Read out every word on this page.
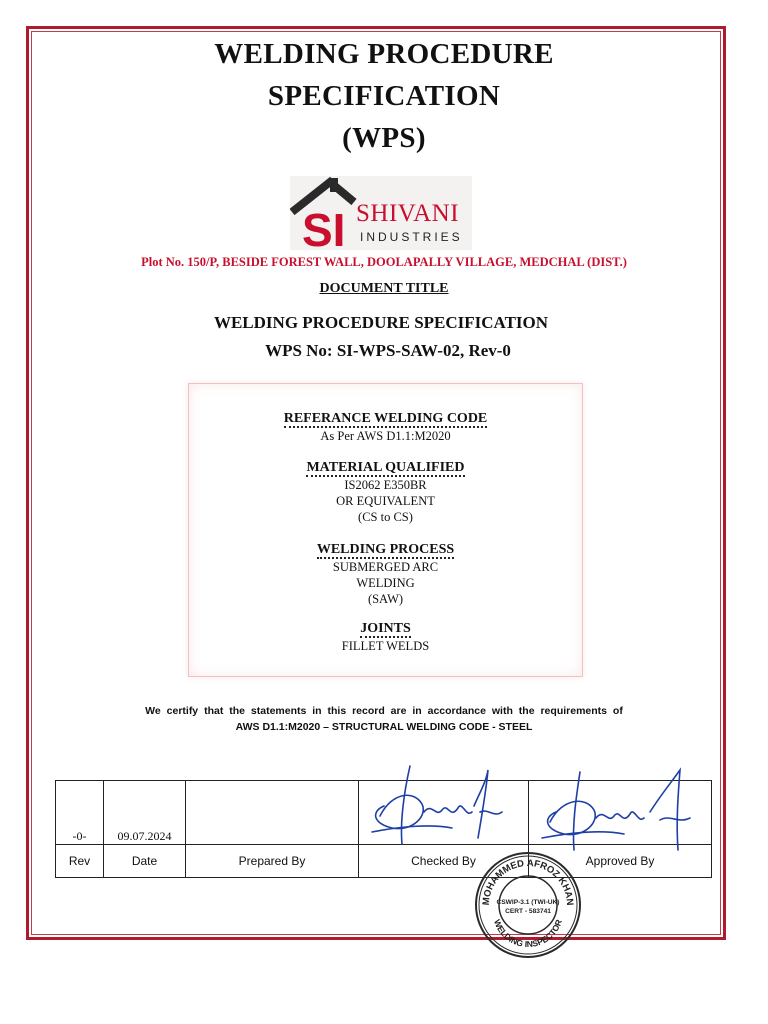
WELDING PROCEDURE
SPECIFICATION
(WPS)
SI SHIVANI
INDUSTRIES
Plot No. 150/P, BESIDE FOREST WALL, DOOLAPALLY VILLAGE, MEDCHAL (DIST.)
DOCUMENT TITLE
WELDING PROCEDURE SPECIFICATION
WPS No: SI-WPS-SAW-02, Rev-0
REFERANCE WELDING CODE
As Per AWS D1.1:M2020
MATERIAL QUALIFIED
IS2062 E350BR
OR EQUIVALENT
(CS to CS)
WELDING PROCESS
SUBMERGED ARC
WELDING
(SAW)
JOINTS
FILLET WELDS
We certify that the statements in this record are in accordance with the requirements of
AWS D1.1:M2020 – STRUCTURAL WELDING CODE - STEEL
-0-	09.07.2024			
Rev	Date	Prepared By	Checked By	Approved By
MOHAMMED AFROZ KHAN
WELDING INSPECTOR
CSWIP-3.1 (TWI-UK)
CERT - 583741
